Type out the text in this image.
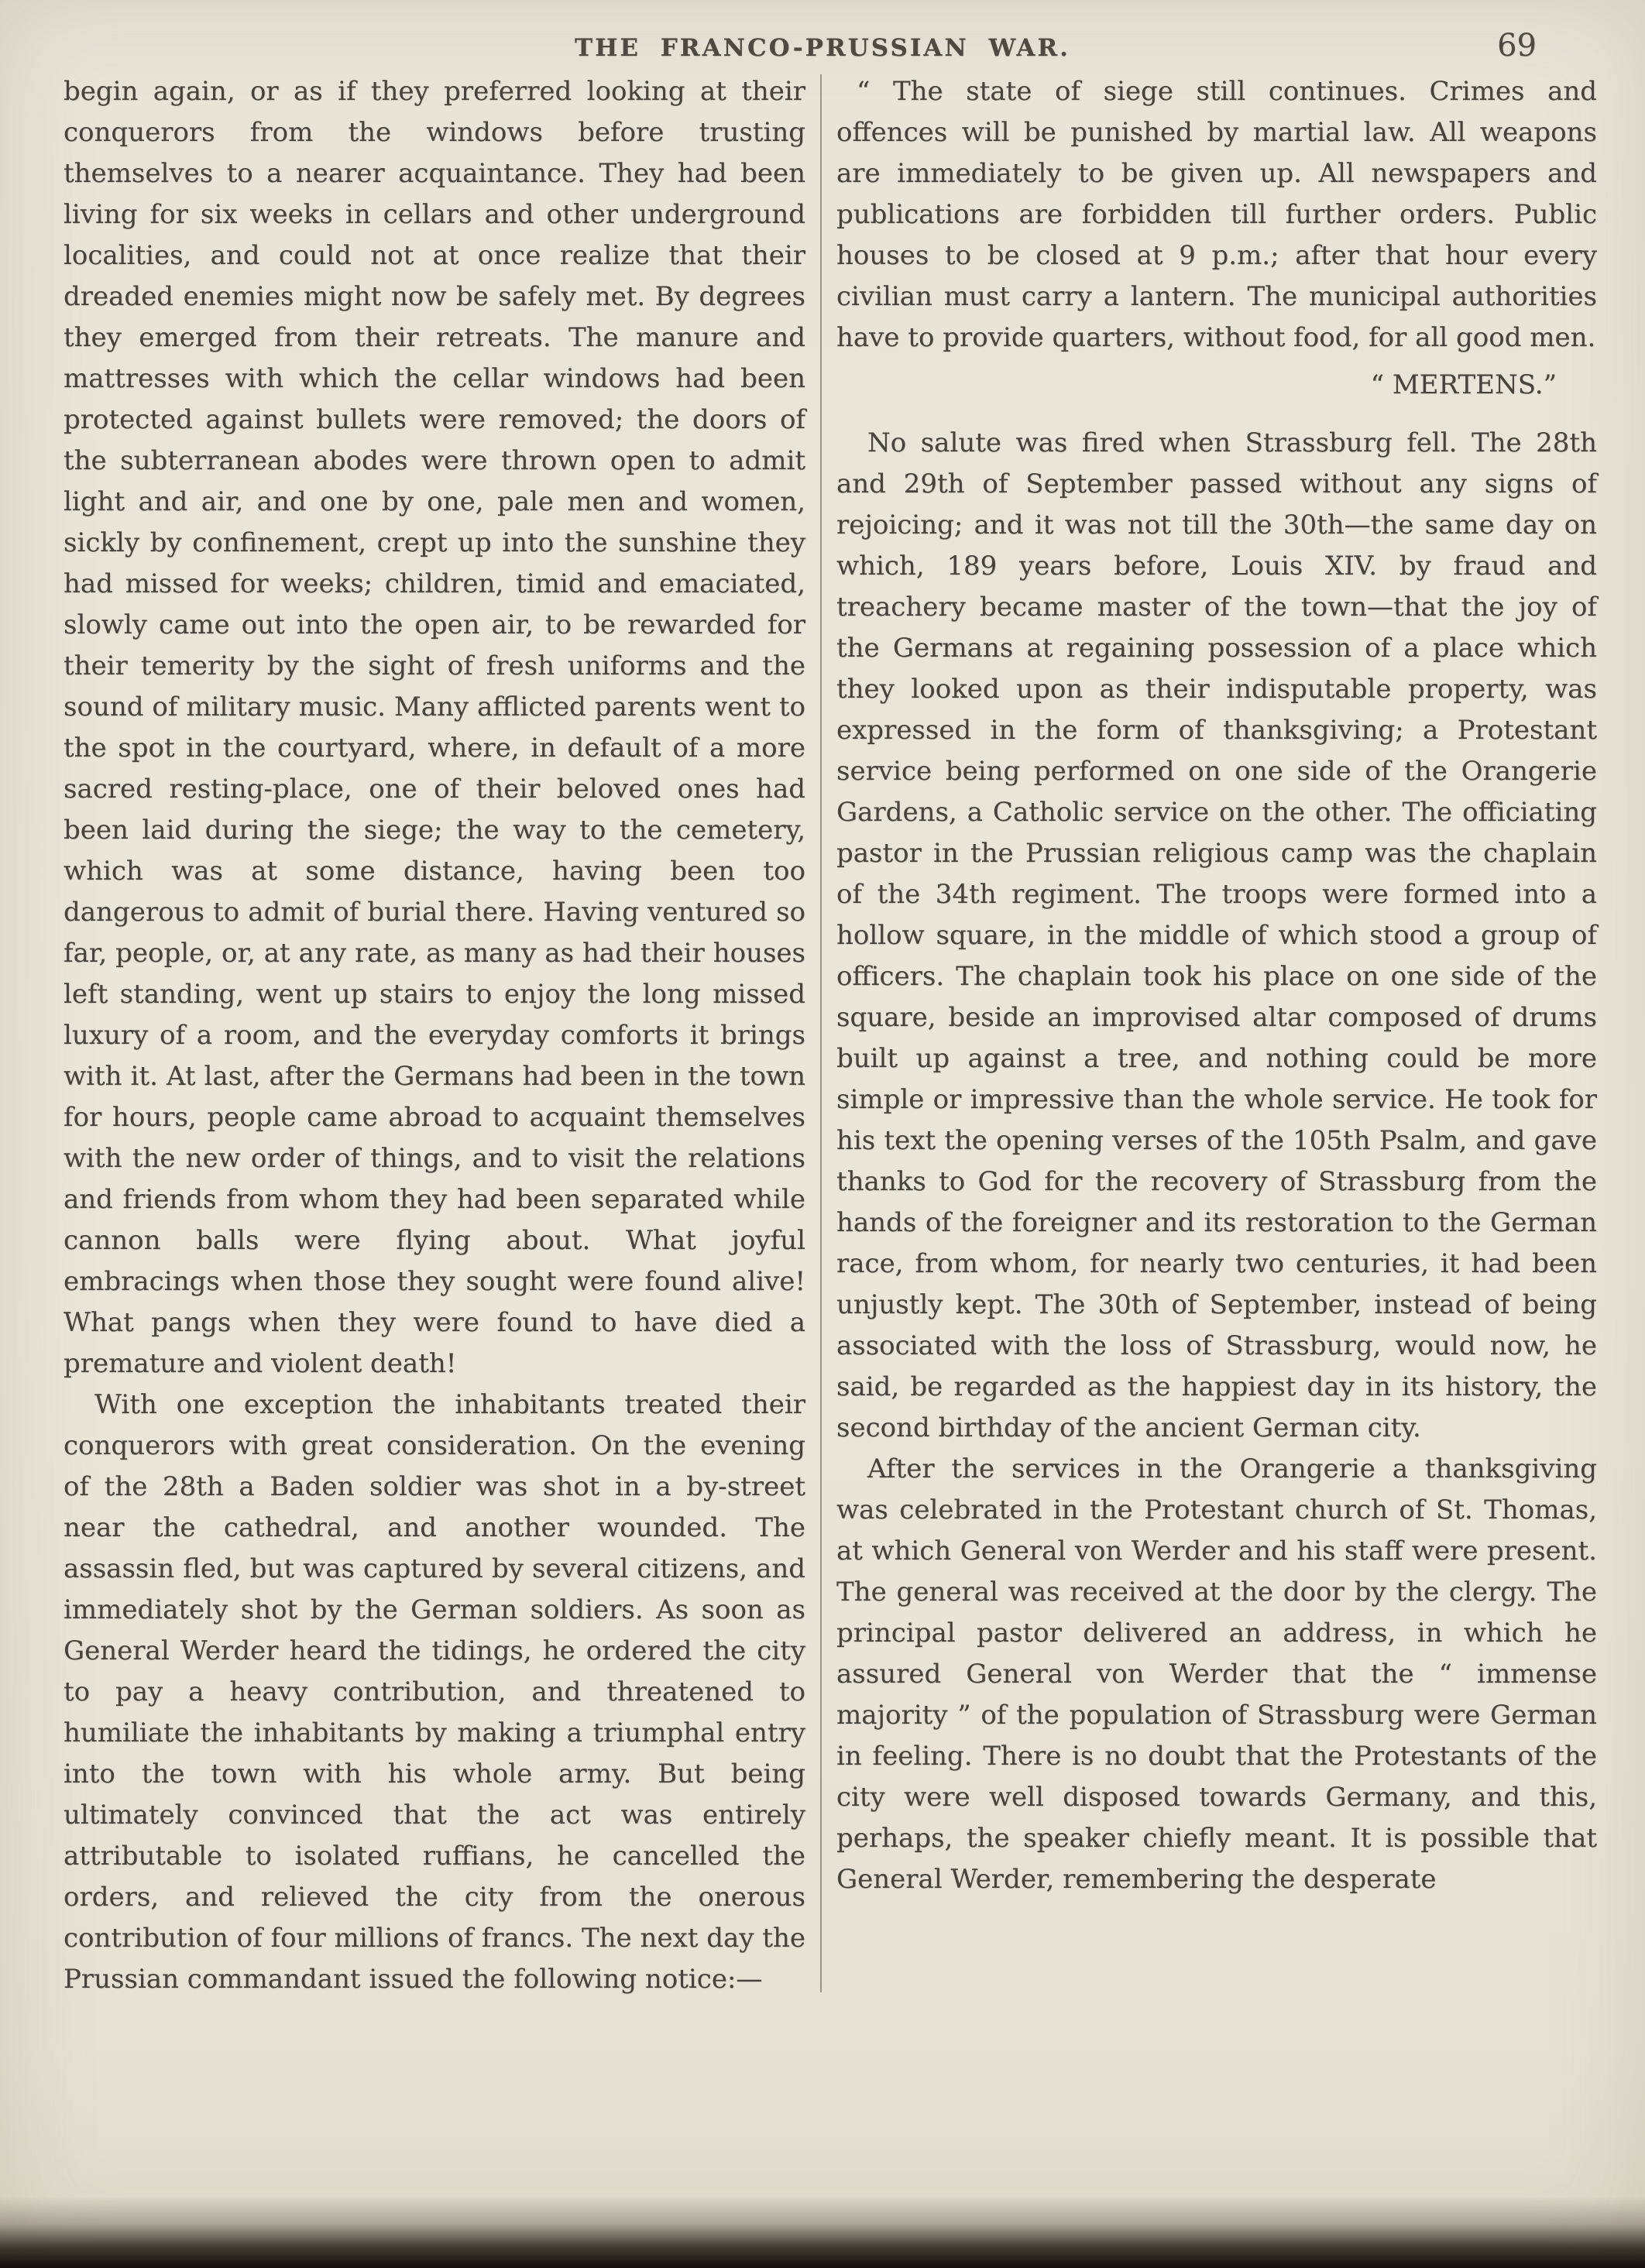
THE FRANCO-PRUSSIAN WAR.	69

begin again, or as if they preferred looking at their conquerors from the windows before trusting themselves to a nearer acquaintance. They had been living for six weeks in cellars and other underground localities, and could not at once realize that their dreaded enemies might now be safely met. By degrees they emerged from their retreats. The manure and mattresses with which the cellar windows had been protected against bullets were removed; the doors of the subterranean abodes were thrown open to admit light and air, and one by one, pale men and women, sickly by confinement, crept up into the sunshine they had missed for weeks; children, timid and emaciated, slowly came out into the open air, to be rewarded for their temerity by the sight of fresh uniforms and the sound of military music. Many afflicted parents went to the spot in the courtyard, where, in default of a more sacred resting-place, one of their beloved ones had been laid during the siege; the way to the cemetery, which was at some distance, having been too dangerous to admit of burial there. Having ventured so far, people, or, at any rate, as many as had their houses left standing, went up stairs to enjoy the long missed luxury of a room, and the everyday comforts it brings with it. At last, after the Germans had been in the town for hours, people came abroad to acquaint themselves with the new order of things, and to visit the relations and friends from whom they had been separated while cannon balls were flying about. What joyful embracings when those they sought were found alive! What pangs when they were found to have died a premature and violent death!

With one exception the inhabitants treated their conquerors with great consideration. On the evening of the 28th a Baden soldier was shot in a by-street near the cathedral, and another wounded. The assassin fled, but was captured by several citizens, and immediately shot by the German soldiers. As soon as General Werder heard the tidings, he ordered the city to pay a heavy contribution, and threatened to humiliate the inhabitants by making a triumphal entry into the town with his whole army. But being ultimately convinced that the act was entirely attributable to isolated ruffians, he cancelled the orders, and relieved the city from the onerous contribution of four millions of francs. The next day the Prussian commandant issued the following notice:—

“ The state of siege still continues. Crimes and offences will be punished by martial law. All weapons are immediately to be given up. All newspapers and publications are forbidden till further orders. Public houses to be closed at 9 p.m.; after that hour every civilian must carry a lantern. The municipal authorities have to provide quarters, without food, for all good men.

“ MERTENS.”

No salute was fired when Strassburg fell. The 28th and 29th of September passed without any signs of rejoicing; and it was not till the 30th—the same day on which, 189 years before, Louis XIV. by fraud and treachery became master of the town—that the joy of the Germans at regaining possession of a place which they looked upon as their indisputable property, was expressed in the form of thanksgiving; a Protestant service being performed on one side of the Orangerie Gardens, a Catholic service on the other. The officiating pastor in the Prussian religious camp was the chaplain of the 34th regiment. The troops were formed into a hollow square, in the middle of which stood a group of officers. The chaplain took his place on one side of the square, beside an improvised altar composed of drums built up against a tree, and nothing could be more simple or impressive than the whole service. He took for his text the opening verses of the 105th Psalm, and gave thanks to God for the recovery of Strassburg from the hands of the foreigner and its restoration to the German race, from whom, for nearly two centuries, it had been unjustly kept. The 30th of September, instead of being associated with the loss of Strassburg, would now, he said, be regarded as the happiest day in its history, the second birthday of the ancient German city.

After the services in the Orangerie a thanksgiving was celebrated in the Protestant church of St. Thomas, at which General von Werder and his staff were present. The general was received at the door by the clergy. The principal pastor delivered an address, in which he assured General von Werder that the “ immense majority ” of the population of Strassburg were German in feeling. There is no doubt that the Protestants of the city were well disposed towards Germany, and this, perhaps, the speaker chiefly meant. It is possible that General Werder, remembering the desperate
